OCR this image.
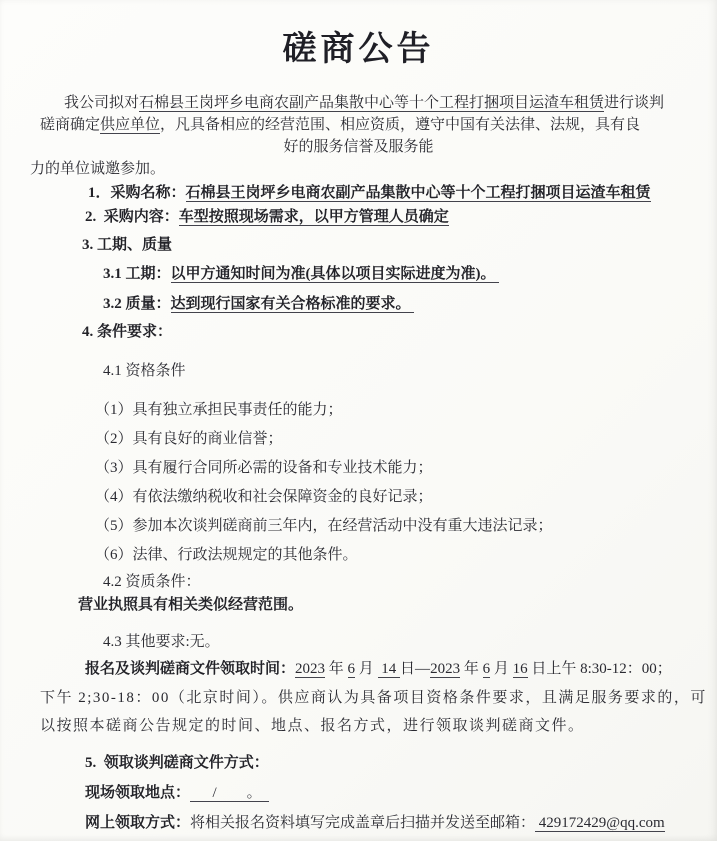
磋商公告
我公司拟对石棉县王岗坪乡电商农副产品集散中心等十个工程打捆项目运渣车租赁进行谈判
磋商确定供应单位，凡具备相应的经营范围、相应资质，遵守中国有关法律、法规，具有良
好的服务信誉及服务能
力的单位诚邀参加。
1．采购名称：石棉县王岗坪乡电商农副产品集散中心等十个工程打捆项目运渣车租赁
2.  采购内容：车型按照现场需求，以甲方管理人员确定
3. 工期、质量
3.1 工期：以甲方通知时间为准(具体以项目实际进度为准)。
3.2 质量：达到现行国家有关合格标准的要求。
4. 条件要求：
4.1 资格条件
（1）具有独立承担民事责任的能力；
（2）具有良好的商业信誉；
（3）具有履行合同所必需的设备和专业技术能力；
（4）有依法缴纳税收和社会保障资金的良好记录；
（5）参加本次谈判磋商前三年内，在经营活动中没有重大违法记录；
（6）法律、行政法规规定的其他条件。
4.2 资质条件：
营业执照具有相关类似经营范围。
4.3 其他要求:无。
报名及谈判磋商文件领取时间：2023 年 6 月  14 日—2023 年 6 月 16 日上午 8:30-12：00；
下午 2;30-18：00（北京时间）。供应商认为具备项目资格条件要求，且满足服务要求的，可
以按照本磋商公告规定的时间、地点、报名方式，进行领取谈判磋商文件。
5.  领取谈判磋商文件方式：
现场领取地点：      /        。
网上领取方式：将相关报名资料填写完成盖章后扫描并发送至邮箱： 429172429@qq.com
